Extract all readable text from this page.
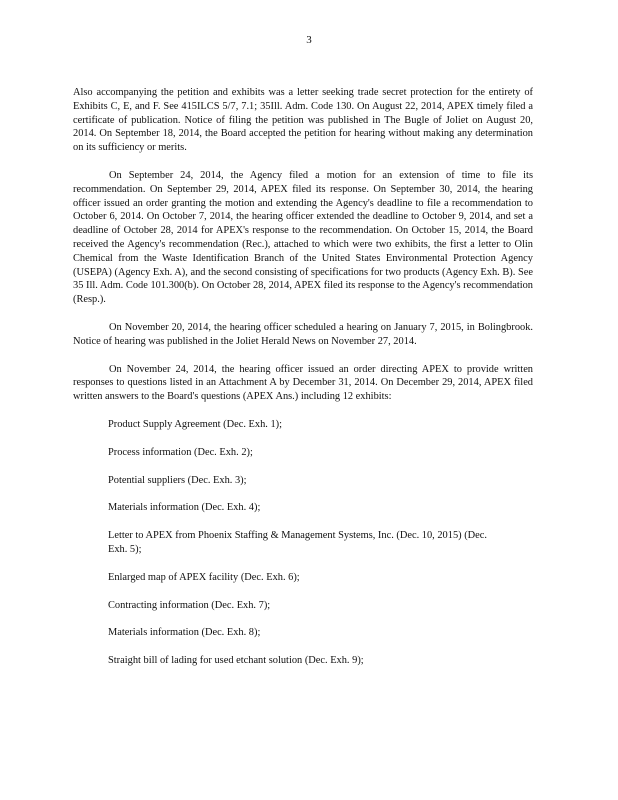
3

Also accompanying the petition and exhibits was a letter seeking trade secret protection for the entirety of Exhibits C, E, and F. See 415ILCS 5/7, 7.1; 35Ill. Adm. Code 130. On August 22, 2014, APEX timely filed a certificate of publication. Notice of filing the petition was published in The Bugle of Joliet on August 20, 2014. On September 18, 2014, the Board accepted the petition for hearing without making any determination on its sufficiency or merits.

On September 24, 2014, the Agency filed a motion for an extension of time to file its recommendation. On September 29, 2014, APEX filed its response. On September 30, 2014, the hearing officer issued an order granting the motion and extending the Agency's deadline to file a recommendation to October 6, 2014. On October 7, 2014, the hearing officer extended the deadline to October 9, 2014, and set a deadline of October 28, 2014 for APEX's response to the recommendation. On October 15, 2014, the Board received the Agency's recommendation (Rec.), attached to which were two exhibits, the first a letter to Olin Chemical from the Waste Identification Branch of the United States Environmental Protection Agency (USEPA) (Agency Exh. A), and the second consisting of specifications for two products (Agency Exh. B). See 35 Ill. Adm. Code 101.300(b). On October 28, 2014, APEX filed its response to the Agency's recommendation (Resp.).

On November 20, 2014, the hearing officer scheduled a hearing on January 7, 2015, in Bolingbrook. Notice of hearing was published in the Joliet Herald News on November 27, 2014.

On November 24, 2014, the hearing officer issued an order directing APEX to provide written responses to questions listed in an Attachment A by December 31, 2014. On December 29, 2014, APEX filed written answers to the Board's questions (APEX Ans.) including 12 exhibits:

Product Supply Agreement (Dec. Exh. 1);
Process information (Dec. Exh. 2);
Potential suppliers (Dec. Exh. 3);
Materials information (Dec. Exh. 4);
Letter to APEX from Phoenix Staffing & Management Systems, Inc. (Dec. 10, 2015) (Dec. Exh. 5);
Enlarged map of APEX facility (Dec. Exh. 6);
Contracting information (Dec. Exh. 7);
Materials information (Dec. Exh. 8);
Straight bill of lading for used etchant solution (Dec. Exh. 9);
